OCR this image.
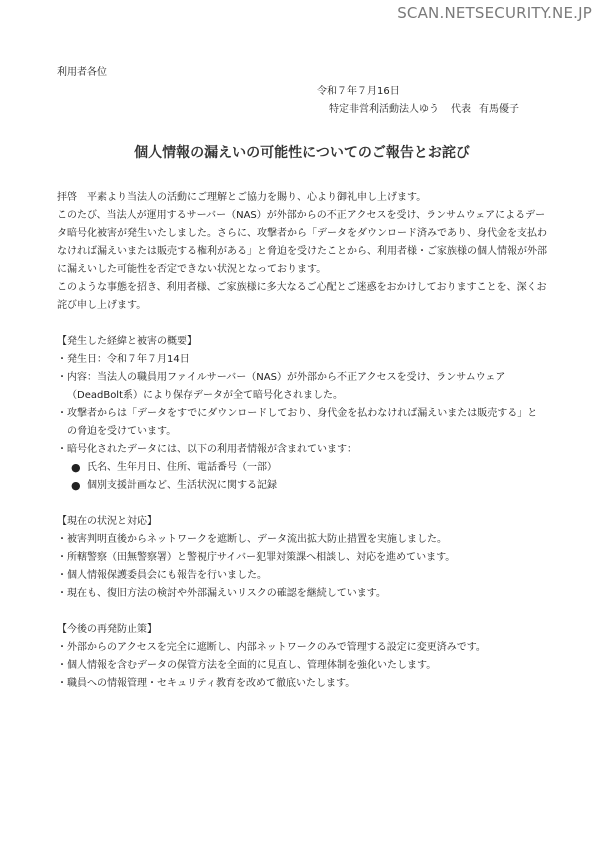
SCAN.NETSECURITY.NE.JP

利用者各位

令和７年７月16日

特定非営利活動法人ゆう 代表 有馬優子

個人情報の漏えいの可能性についてのご報告とお詫び

拝啓　平素より当法人の活動にご理解とご協力を賜り、心より御礼申し上げます。

このたび、当法人が運用するサーバー（NAS）が外部からの不正アクセスを受け、ランサムウェアによるデータ暗号化被害が発生いたしました。さらに、攻撃者から「データをダウンロード済みであり、身代金を支払わなければ漏えいまたは販売する権利がある」と脅迫を受けたことから、利用者様・ご家族様の個人情報が外部に漏えいした可能性を否定できない状況となっております。

このような事態を招き、利用者様、ご家族様に多大なるご心配とご迷惑をおかけしておりますことを、深くお詫び申し上げます。

【発生した経緯と被害の概要】

・発生日：令和７年７月14日

・内容：当法人の職員用ファイルサーバー（NAS）が外部から不正アクセスを受け、ランサムウェア（DeadBolt系）により保存データが全て暗号化されました。

・攻撃者からは「データをすでにダウンロードしており、身代金を払わなければ漏えいまたは販売する」との脅迫を受けています。

・暗号化されたデータには、以下の利用者情報が含まれています：

● 氏名、生年月日、住所、電話番号（一部）
● 個別支援計画など、生活状況に関する記録

【現在の状況と対応】

・被害判明直後からネットワークを遮断し、データ流出拡大防止措置を実施しました。

・所轄警察（田無警察署）と警視庁サイバー犯罪対策課へ相談し、対応を進めています。

・個人情報保護委員会にも報告を行いました。

・現在も、復旧方法の検討や外部漏えいリスクの確認を継続しています。

【今後の再発防止策】

・外部からのアクセスを完全に遮断し、内部ネットワークのみで管理する設定に変更済みです。

・個人情報を含むデータの保管方法を全面的に見直し、管理体制を強化いたします。

・職員への情報管理・セキュリティ教育を改めて徹底いたします。
